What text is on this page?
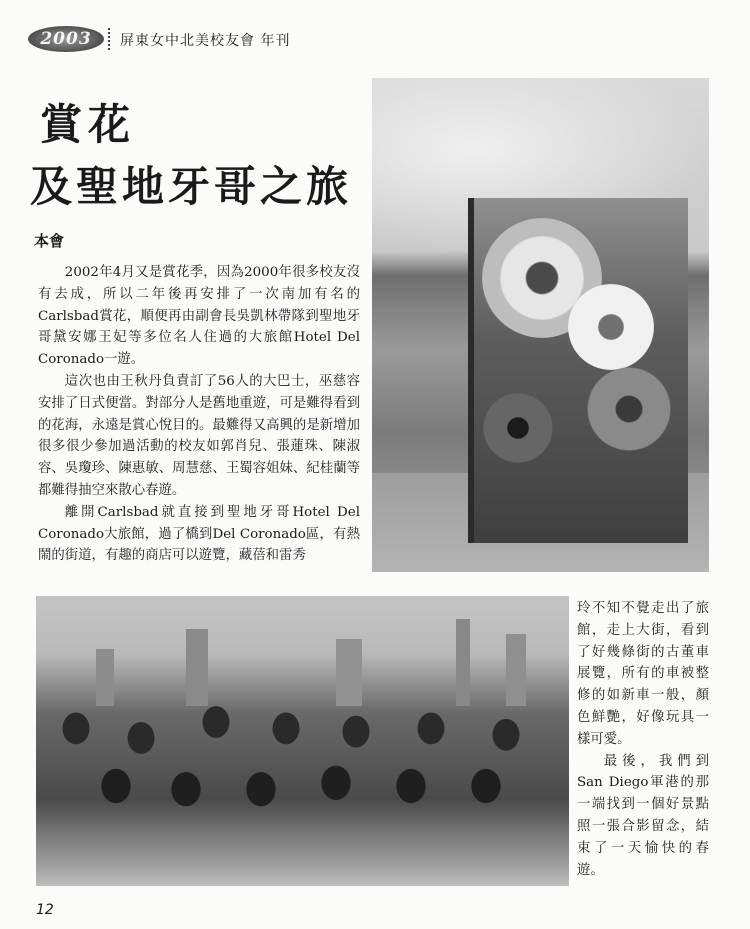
2003	屏東女中北美校友會 年刊
賞花
及聖地牙哥之旅
本會

2002年4月又是賞花季，因為2000年很多校友沒有去成，所以二年後再安排了一次南加有名的Carlsbad賞花，順便再由副會長吳凱林帶隊到聖地牙哥黛安娜王妃等多位名人住過的大旅館Hotel Del Coronado一遊。

這次也由王秋丹負責訂了56人的大巴士，巫慈容安排了日式便當。對部分人是舊地重遊，可是難得看到的花海，永遠是賞心悅目的。最難得又高興的是新增加很多很少參加過活動的校友如郭肖兒、張蓮珠、陳淑容、吳瓊珍、陳惠敏、周慧慈、王蜀容姐妹、紀桂蘭等都難得抽空來散心春遊。

離開Carlsbad就直接到聖地牙哥Hotel Del Coronado大旅館，過了橋到Del Coronado區，有熱鬧的街道，有趣的商店可以遊覽，藏蓓和雷秀

玲不知不覺走出了旅館，走上大街，看到了好幾條街的古董車展覽，所有的車被整修的如新車一般，顏色鮮艷，好像玩具一樣可愛。

最後，我們到San Diego軍港的那一端找到一個好景點照一張合影留念，結束了一天愉快的春遊。

12
